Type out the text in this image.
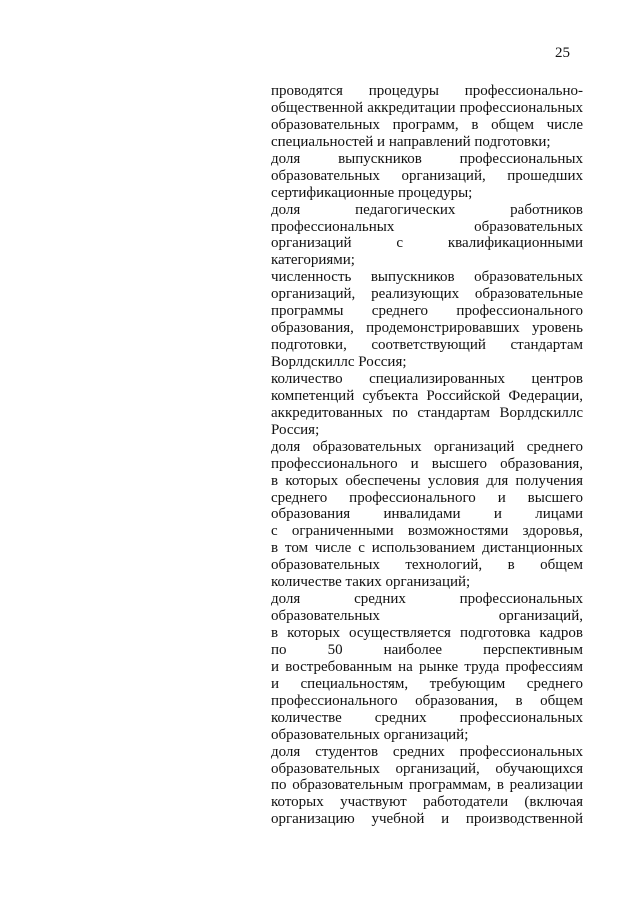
25
проводятся процедуры профессионально-
общественной аккредитации профессиональных
образовательных программ, в общем числе
специальностей и направлений подготовки;
доля выпускников профессиональных
образовательных организаций, прошедших
сертификационные процедуры;
доля педагогических работников
профессиональных образовательных
организаций с квалификационными
категориями;
численность выпускников образовательных
организаций, реализующих образовательные
программы среднего профессионального
образования, продемонстрировавших уровень
подготовки, соответствующий стандартам
Ворлдскиллс Россия;
количество специализированных центров
компетенций субъекта Российской Федерации,
аккредитованных по стандартам Ворлдскиллс
Россия;
доля образовательных организаций среднего
профессионального и высшего образования,
в которых обеспечены условия для получения
среднего профессионального и высшего
образования инвалидами и лицами
с ограниченными возможностями здоровья,
в том числе с использованием дистанционных
образовательных технологий, в общем
количестве таких организаций;
доля средних профессиональных
образовательных организаций,
в которых осуществляется подготовка кадров
по 50 наиболее перспективным
и востребованным на рынке труда профессиям
и специальностям, требующим среднего
профессионального образования, в общем
количестве средних профессиональных
образовательных организаций;
доля студентов средних профессиональных
образовательных организаций, обучающихся
по образовательным программам, в реализации
которых участвуют работодатели (включая
организацию учебной и производственной
